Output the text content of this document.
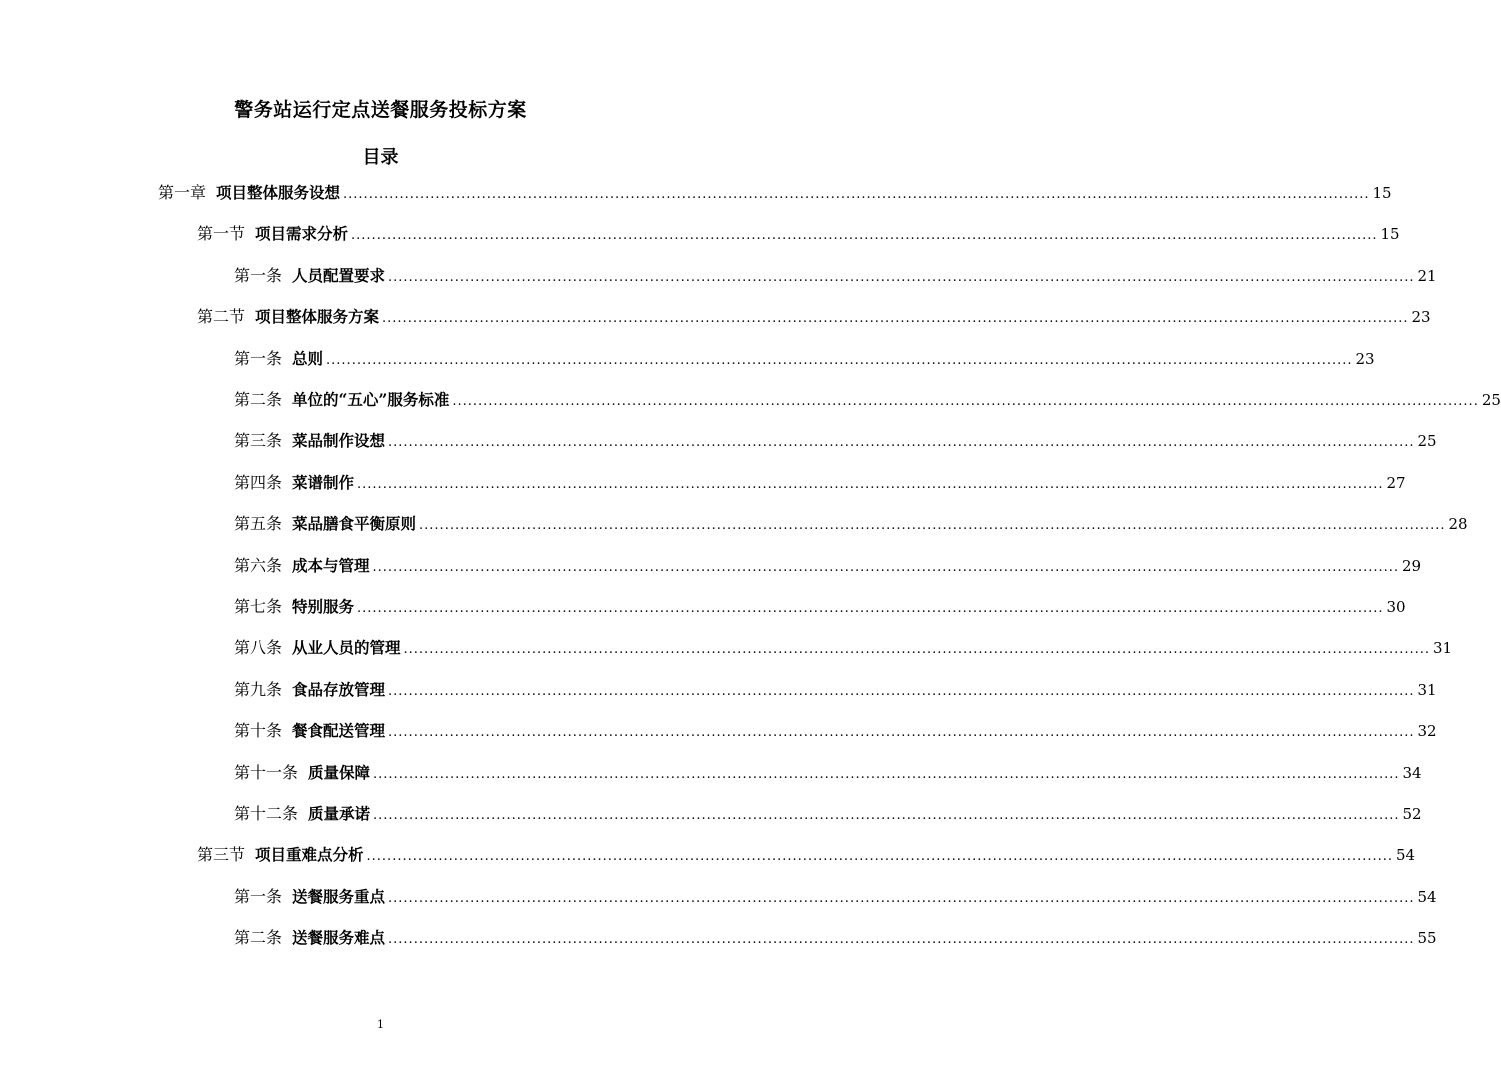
警务站运行定点送餐服务投标方案
目录
第一章 项目整体服务设想 ........................................................................................................................................................................................................ 15
第一节 项目需求分析 ........................................................................................................................................................................................................ 15
第一条 人员配置要求 ........................................................................................................................................................................................................ 21
第二节 项目整体服务方案 ........................................................................................................................................................................................................ 23
第一条 总则 ........................................................................................................................................................................................................ 23
第二条 单位的“五心”服务标准 ........................................................................................................................................................................................................ 25
第三条 菜品制作设想 ........................................................................................................................................................................................................ 25
第四条 菜谱制作 ........................................................................................................................................................................................................ 27
第五条 菜品膳食平衡原则 ........................................................................................................................................................................................................ 28
第六条 成本与管理 ........................................................................................................................................................................................................ 29
第七条 特别服务 ........................................................................................................................................................................................................ 30
第八条 从业人员的管理 ........................................................................................................................................................................................................ 31
第九条 食品存放管理 ........................................................................................................................................................................................................ 31
第十条 餐食配送管理 ........................................................................................................................................................................................................ 32
第十一条 质量保障 ........................................................................................................................................................................................................ 34
第十二条 质量承诺 ........................................................................................................................................................................................................ 52
第三节 项目重难点分析 ........................................................................................................................................................................................................ 54
第一条 送餐服务重点 ........................................................................................................................................................................................................ 54
第二条 送餐服务难点 ........................................................................................................................................................................................................ 55
1
